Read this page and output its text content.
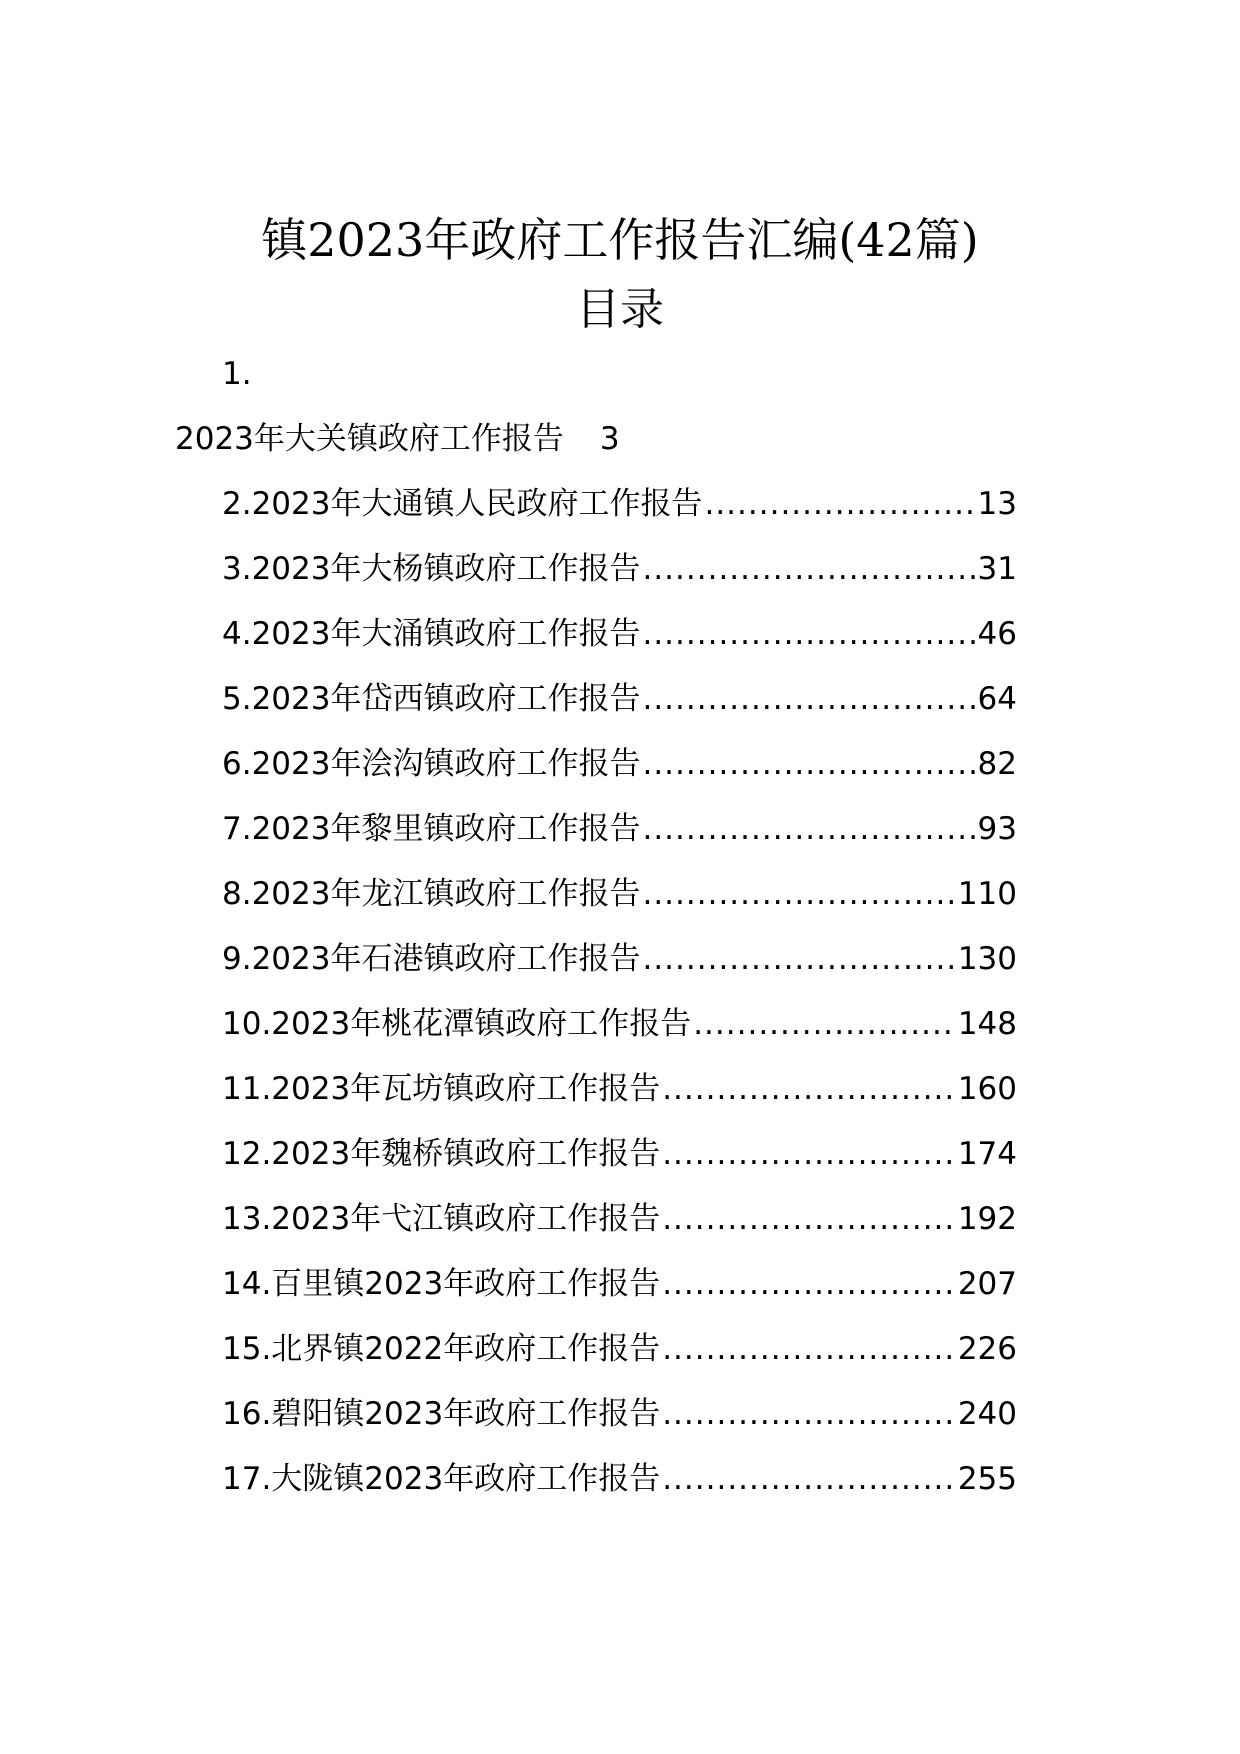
镇2023年政府工作报告汇编(42篇)
目录
1.
2023年大关镇政府工作报告 3
2.2023年大通镇人民政府工作报告 .....	13
3.2023年大杨镇政府工作报告 .....	31
4.2023年大涌镇政府工作报告 .....	46
5.2023年岱西镇政府工作报告 .....	64
6.2023年浍沟镇政府工作报告 .....	82
7.2023年黎里镇政府工作报告 .....	93
8.2023年龙江镇政府工作报告 .....	110
9.2023年石港镇政府工作报告 .....	130
10.2023年桃花潭镇政府工作报告 .....	148
11.2023年瓦坊镇政府工作报告 .....	160
12.2023年魏桥镇政府工作报告 .....	174
13.2023年弋江镇政府工作报告 .....	192
14.百里镇2023年政府工作报告 .....	207
15.北界镇2022年政府工作报告 .....	226
16.碧阳镇2023年政府工作报告 .....	240
17.大陇镇2023年政府工作报告 .....	255
